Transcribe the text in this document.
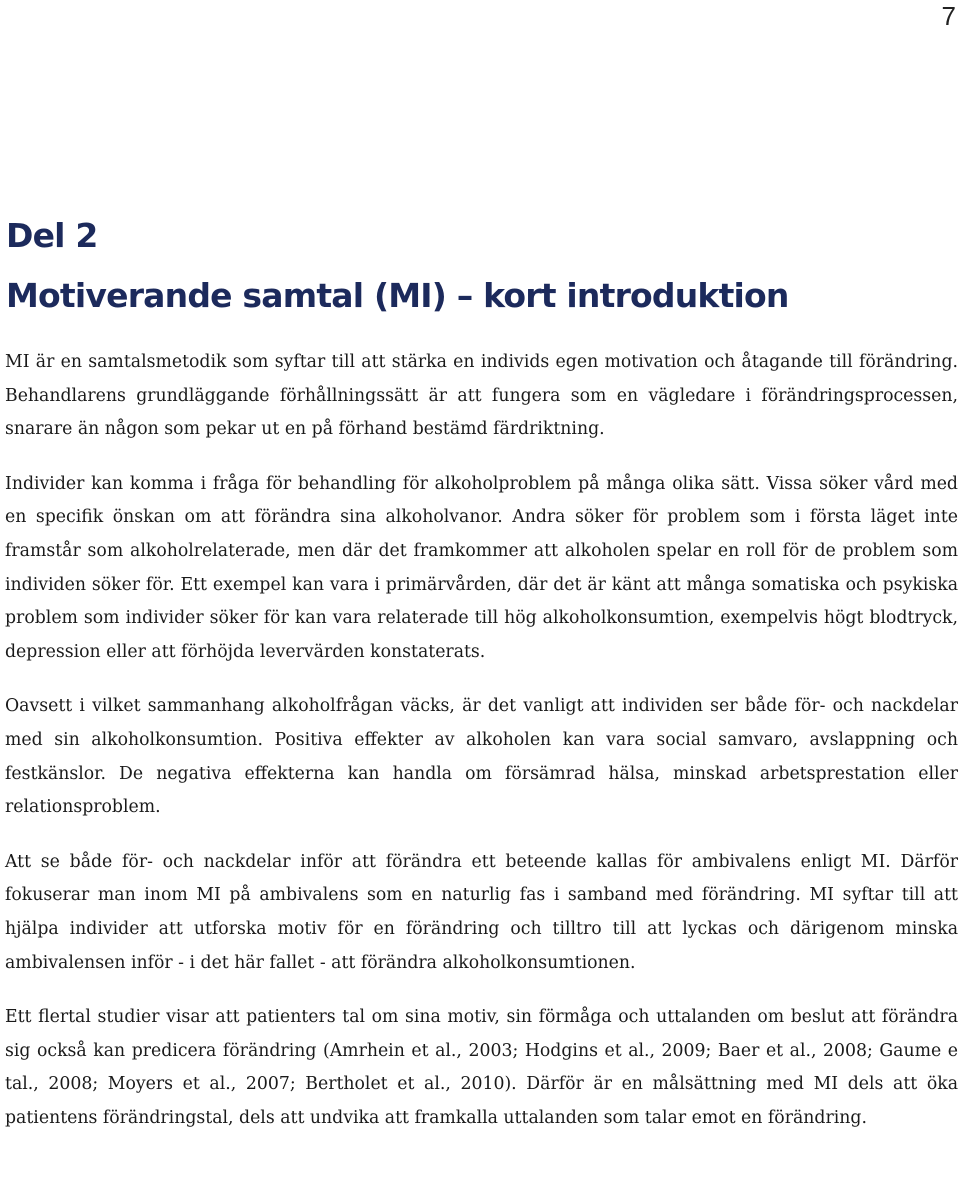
7
Del 2
Motiverande samtal (MI) – kort introduktion

MI är en samtalsmetodik som syftar till att stärka en individs egen motivation och åtagande till förändring. Behandlarens grundläggande förhållningssätt är att fungera som en vägledare i förändringsprocessen, snarare än någon som pekar ut en på förhand bestämd färdriktning.

Individer kan komma i fråga för behandling för alkoholproblem på många olika sätt. Vissa söker vård med en specifik önskan om att förändra sina alkoholvanor. Andra söker för problem som i första läget inte framstår som alkoholrelaterade, men där det framkommer att alkoholen spelar en roll för de problem som individen söker för. Ett exempel kan vara i primärvården, där det är känt att många somatiska och psykiska problem som individer söker för kan vara relaterade till hög alkoholkonsumtion, exempelvis högt blodtryck, depression eller att förhöjda levervärden konstaterats.

Oavsett i vilket sammanhang alkoholfrågan väcks, är det vanligt att individen ser både för- och nackdelar med sin alkoholkonsumtion. Positiva effekter av alkoholen kan vara social samvaro, avslappning och festkänslor. De negativa effekterna kan handla om försämrad hälsa, minskad arbetsprestation eller relationsproblem.

Att se både för- och nackdelar inför att förändra ett beteende kallas för ambivalens enligt MI. Därför fokuserar man inom MI på ambivalens som en naturlig fas i samband med förändring. MI syftar till att hjälpa individer att utforska motiv för en förändring och tilltro till att lyckas och därigenom minska ambivalensen inför - i det här fallet - att förändra alkoholkonsumtionen.

Ett flertal studier visar att patienters tal om sina motiv, sin förmåga och uttalanden om beslut att förändra sig också kan predicera förändring (Amrhein et al., 2003; Hodgins et al., 2009; Baer et al., 2008; Gaume e tal., 2008; Moyers et al., 2007; Bertholet et al., 2010). Därför är en målsättning med MI dels att öka patientens förändringstal, dels att undvika att framkalla uttalanden som talar emot en förändring.
